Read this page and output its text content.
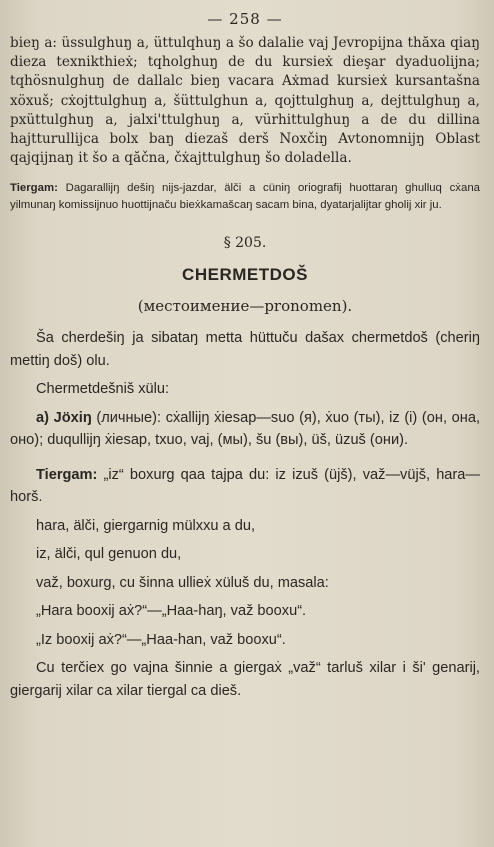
— 258 —

bieŋ a: üssulghuŋ a, üttulqhuŋ a šo dalalie vaj Jevropijna thăxa qiaŋ dieza texnikthieẋ; tqholghuŋ de du kursieẋ dieşar dyaduolijna; tqhösnulghuŋ de dallalc bieŋ vacara Aẋmad kursieẋ kursantašna xöxuš; cẋojttulghuŋ a, šüttulghun a, qojttulghuŋ a, dejttulghuŋ a, pxüttulghuŋ a, jalxi'ttulghuŋ a, vürhittulghuŋ a de du dillina hajtturullijca bolx baŋ diezaš derš Noxčiŋ Avtonomnijŋ Oblast qajqijnaŋ it šo a qăčna, čẋajttulghuŋ šo doladella.

Tiergam: Dagarallijŋ dešiŋ nijs-jazdar, älči a cüniŋ oriografij huottaraŋ ghulluq cẋana yilmunaŋ komissijnuo huottijnaču bieẋkamašcaŋ sacam bina, dyatarjalijtar gholij xir ju.

§ 205.
CHERMETDOŠ
(местоимение—pronomen).

Ša cherdešiŋ ja sibataŋ metta hüttuču dašax chermetdoš (cheriŋ mettiŋ doš) olu.

Chermetdešniš xülu:

a) Jöxiŋ (личные): cẋallijŋ ẋiesap—suo (я), ẋuo (ты), iz (i) (он, она, оно); duqullijŋ ẋiesap, txuo, vaj, (мы), šu (вы), üš, üzuš (они).

Tiergam: „iz“ boxurg qaa tajpa du: iz izuš (üjš), važ—vüjš, hara—horš.

hara, älči, giergarnig mülxxu a du,

iz, älči, qul genuon du,

važ, boxurg, cu šinna ullieẋ xüluš du, masala:

„Hara booxij aẋ?“—„Haa-haŋ, važ booxu“.

„Iz booxij aẋ?“—„Haa-han, važ booxu“.

Cu terčiex go vajna šinnie a giergaẋ „važ“ tarluš xilar i ši' genarij, giergarij xilar ca xilar tiergal ca dieš.
